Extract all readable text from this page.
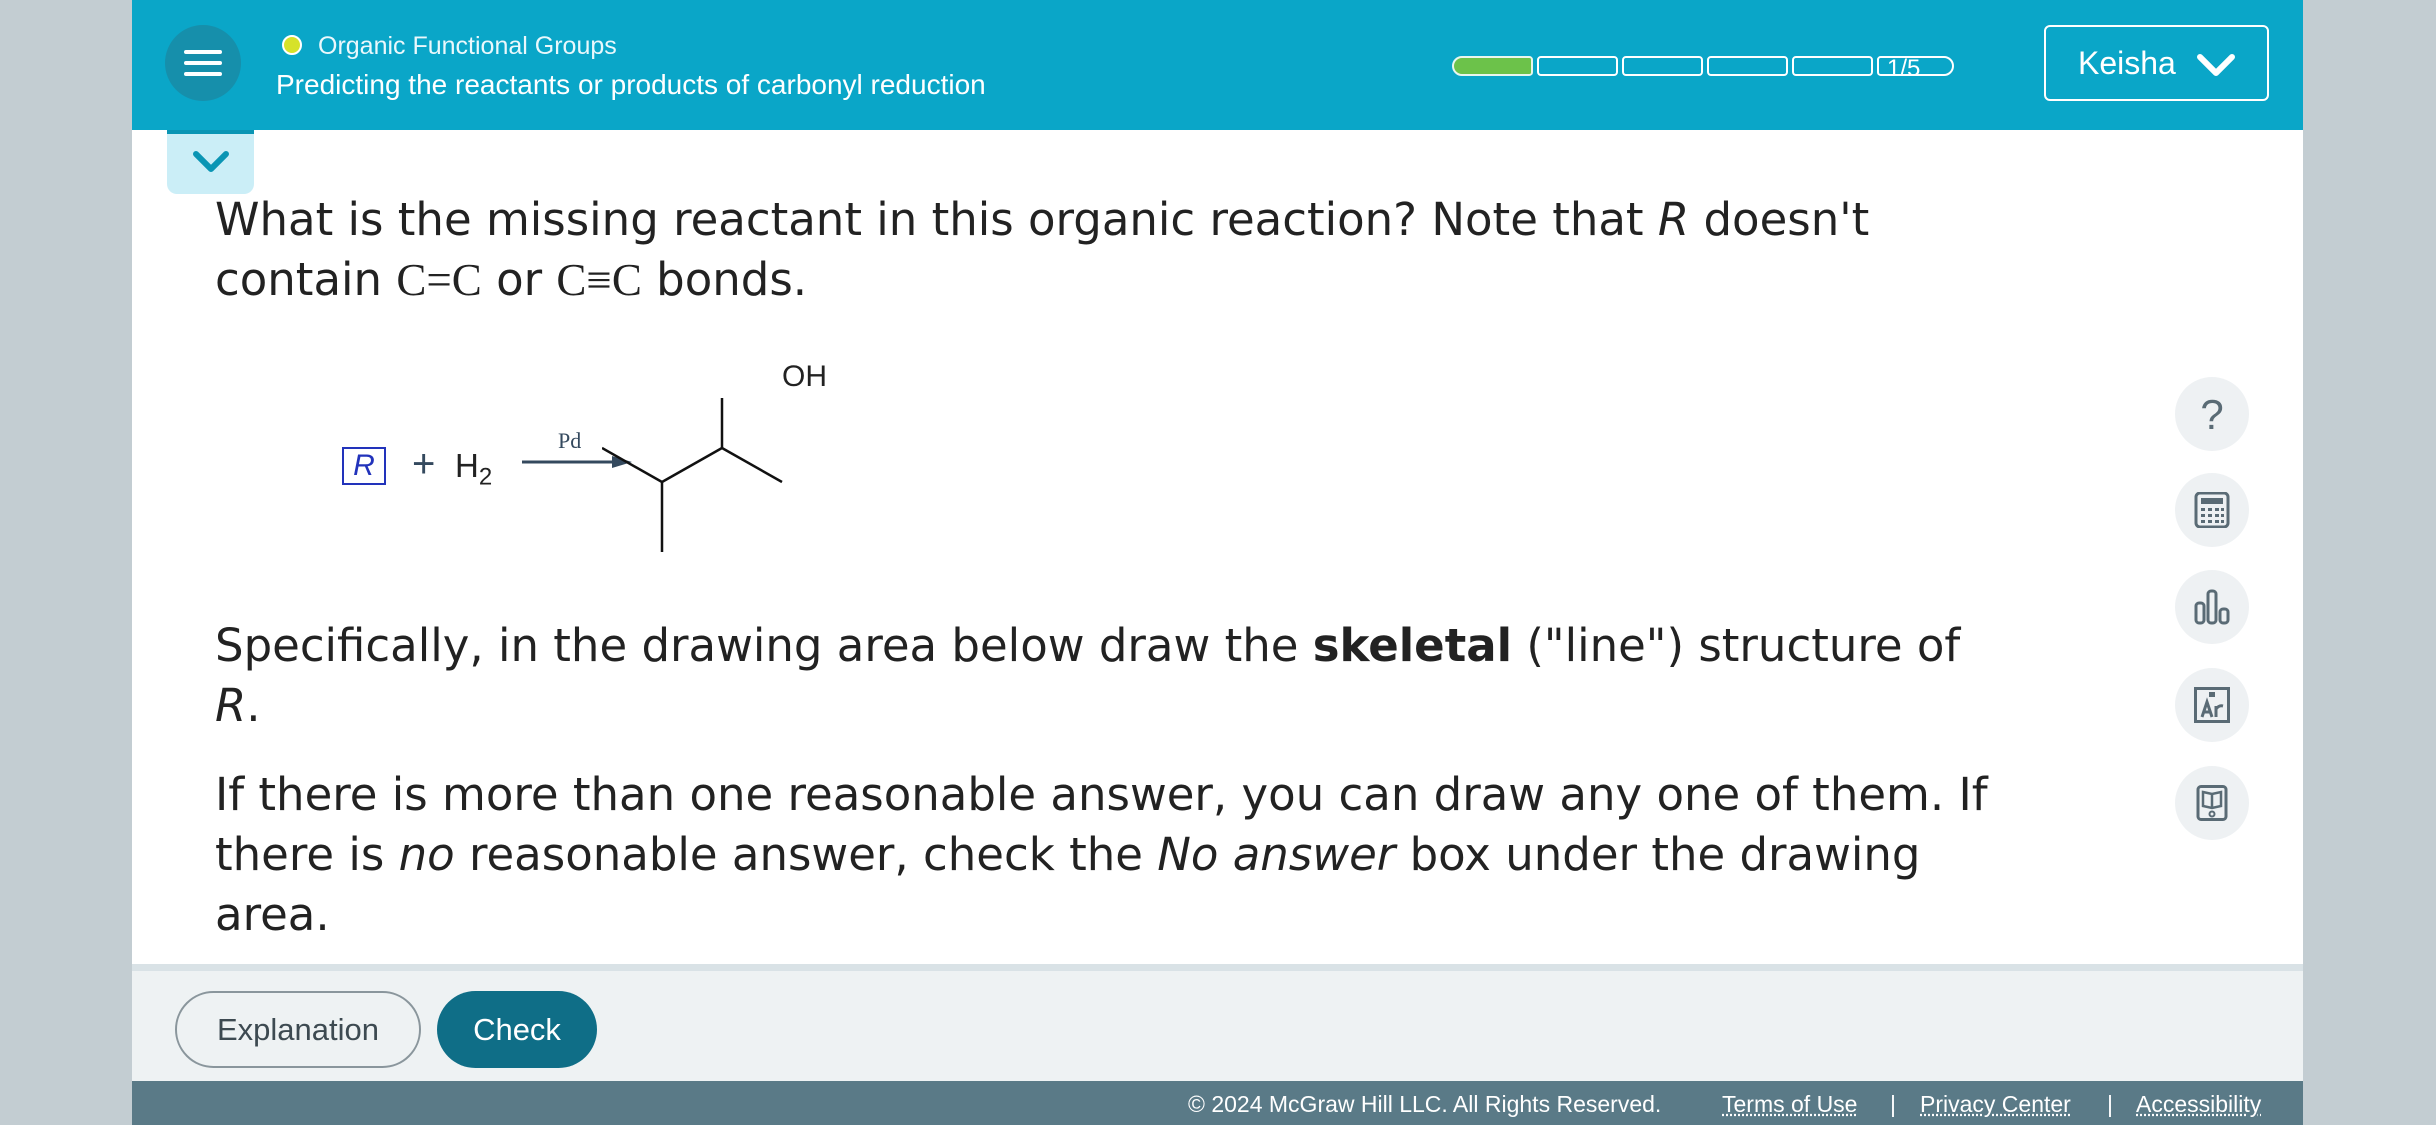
Organic Functional Groups
Predicting the reactants or products of carbonyl reduction
1/5	Keisha
What is the missing reactant in this organic reaction? Note that R doesn't
contain C=C or C≡C bonds.
$R + H_2$
Pd
OH
Specifically, in the drawing area below draw the skeletal ("line") structure of
R.
If there is more than one reasonable answer, you can draw any one of them. If
there is no reasonable answer, check the No answer box under the drawing
area.
?
Explanation	Check
© 2024 McGraw Hill LLC. All Rights Reserved.	Terms of Use | Privacy Center | Accessibility
